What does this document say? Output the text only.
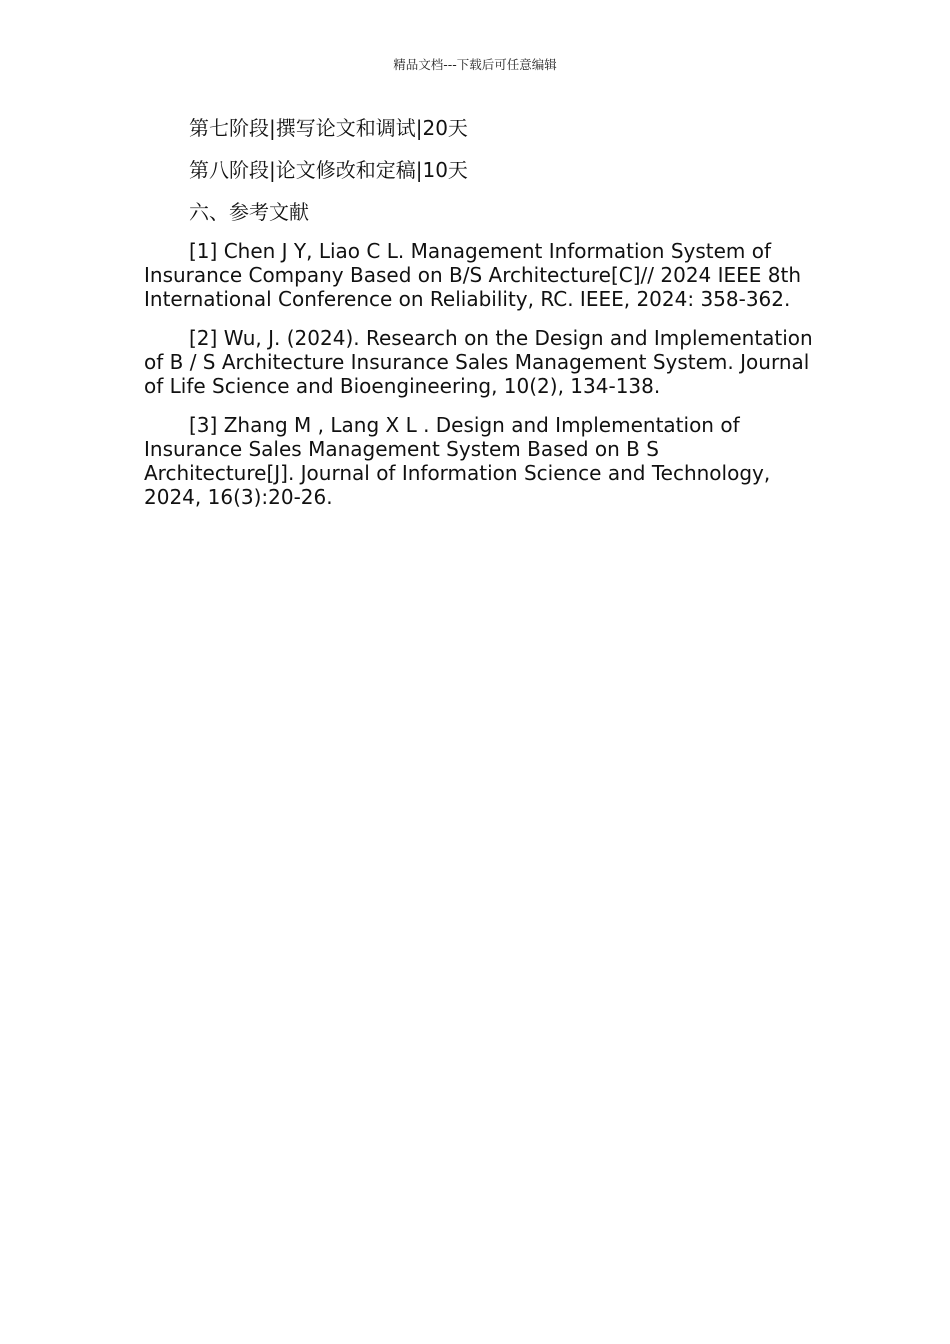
精品文档---下载后可任意编辑

第七阶段|撰写论文和调试|20天

第八阶段|论文修改和定稿|10天

六、参考文献

[1] Chen J Y, Liao C L. Management Information System of Insurance Company Based on B/S Architecture[C]// 2024 IEEE 8th International Conference on Reliability, RC. IEEE, 2024: 358-362.

[2] Wu, J. (2024). Research on the Design and Implementation of B / S Architecture Insurance Sales Management System. Journal of Life Science and Bioengineering, 10(2), 134-138.

[3] Zhang M , Lang X L . Design and Implementation of Insurance Sales Management System Based on B S Architecture[J]. Journal of Information Science and Technology, 2024, 16(3):20-26.
